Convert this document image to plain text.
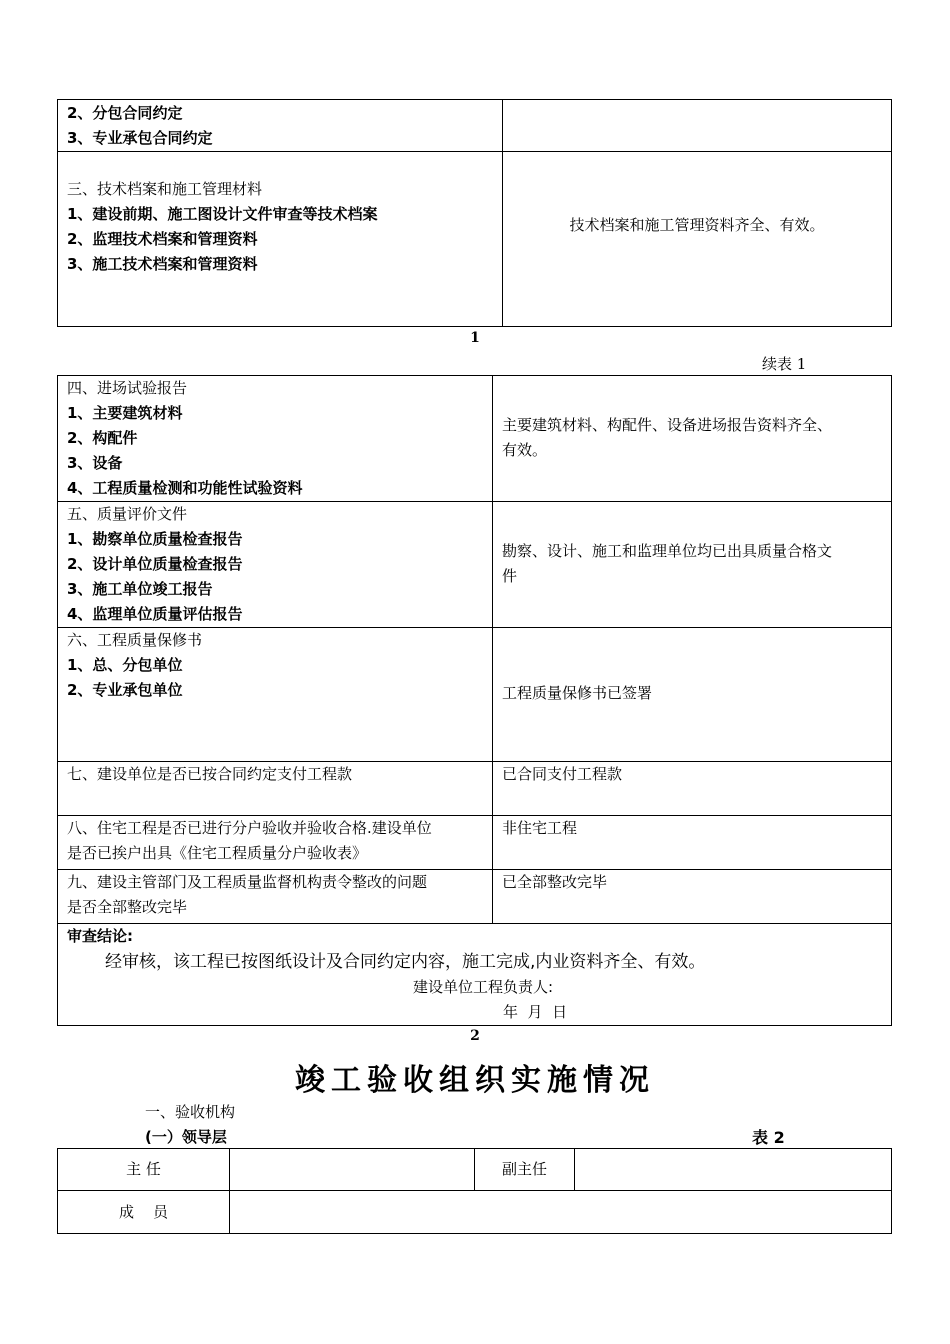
2、分包合同约定
3、专业承包合同约定	

三、技术档案和施工管理材料
1、建设前期、施工图设计文件审查等技术档案
2、监理技术档案和管理资料
3、施工技术档案和管理资料	技术档案和施工管理资料齐全、有效。
1
续表 1
四、进场试验报告
1、主要建筑材料
2、构配件
3、设备
4、工程质量检测和功能性试验资料	主要建筑材料、构配件、设备进场报告资料齐全、
有效。

五、质量评价文件
1、勘察单位质量检查报告
2、设计单位质量检查报告
3、施工单位竣工报告
4、监理单位质量评估报告	勘察、设计、施工和监理单位均已出具质量合格文
件

六、工程质量保修书
1、总、分包单位
2、专业承包单位	工程质量保修书已签署

七、建设单位是否已按合同约定支付工程款	已合同支付工程款

八、住宅工程是否已进行分户验收并验收合格.建设单位
是否已挨户出具《住宅工程质量分户验收表》	非住宅工程

九、建设主管部门及工程质量监督机构责令整改的问题
是否全部整改完毕	已全部整改完毕

审查结论:
经审核，该工程已按图纸设计及合同约定内容，施工完成,内业资料齐全、有效。
建设单位工程负责人:
年  月  日	
2
竣工验收组织实施情况
一、验收机构
(一）领导层	表 2
主 任		副主任	
成    员			
